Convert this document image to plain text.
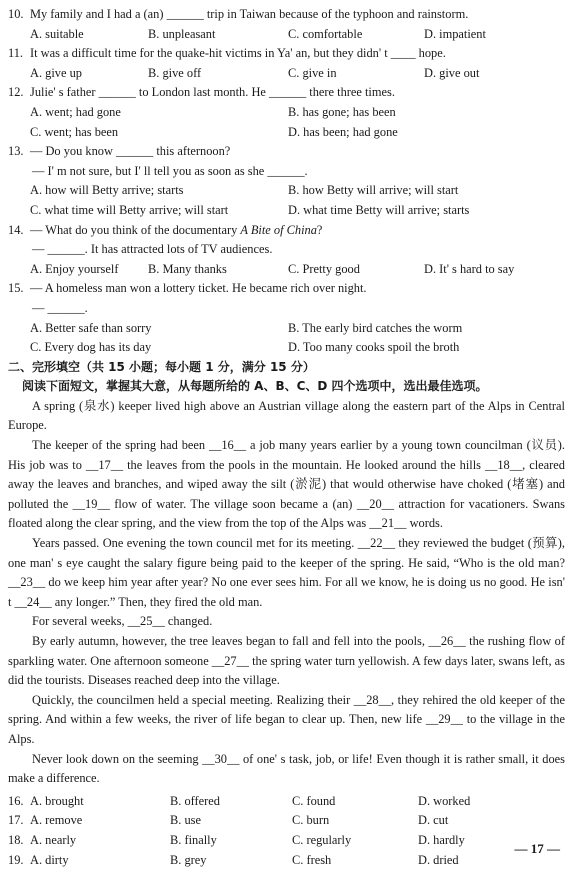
10. My family and I had a (an) ______ trip in Taiwan because of the typhoon and rainstorm.
A. suitable	B. unpleasant	C. comfortable	D. impatient
11. It was a difficult time for the quake-hit victims in Ya' an, but they didn' t ____ hope.
A. give up	B. give off	C. give in	D. give out
12. Julie' s father ______ to London last month. He ______ there three times.
A. went; had gone	B. has gone; has been
C. went; has been	D. has been; had gone
13. — Do you know ______ this afternoon?
— I' m not sure, but I' ll tell you as soon as she ______.
A. how will Betty arrive; starts	B. how Betty will arrive; will start
C. what time will Betty arrive; will start	D. what time Betty will arrive; starts
14. — What do you think of the documentary A Bite of China?
— ______. It has attracted lots of TV audiences.
A. Enjoy yourself	B. Many thanks	C. Pretty good	D. It' s hard to say
15. — A homeless man won a lottery ticket. He became rich over night.
— ______.
A. Better safe than sorry	B. The early bird catches the worm
C. Every dog has its day	D. Too many cooks spoil the broth
二、完形填空（共 15 小题；每小题 1 分，满分 15 分）
阅读下面短文，掌握其大意，从每题所给的 A、B、C、D 四个选项中，选出最佳选项。

A spring (泉水) keeper lived high above an Austrian village along the eastern part of the Alps in Central Europe.

The keeper of the spring had been __16__ a job many years earlier by a young town councilman (议员). His job was to __17__ the leaves from the pools in the mountain. He looked around the hills __18__, cleared away the leaves and branches, and wiped away the silt (淤泥) that would otherwise have choked (堵塞) and polluted the __19__ flow of water. The village soon became a (an) __20__ attraction for vacationers. Swans floated along the clear spring, and the view from the top of the Alps was __21__ words.

Years passed. One evening the town council met for its meeting. __22__ they reviewed the budget (预算), one man' s eye caught the salary figure being paid to the keeper of the spring. He said, “Who is the old man? __23__ do we keep him year after year? No one ever sees him. For all we know, he is doing us no good. He isn' t __24__ any longer.” Then, they fired the old man.

For several weeks, __25__ changed.

By early autumn, however, the tree leaves began to fall and fell into the pools, __26__ the rushing flow of sparkling water. One afternoon someone __27__ the spring water turn yellowish. A few days later, swans left, as did the tourists. Diseases reached deep into the village.

Quickly, the councilmen held a special meeting. Realizing their __28__, they rehired the old keeper of the spring. And within a few weeks, the river of life began to clear up. Then, new life __29__ to the village in the Alps.

Never look down on the seeming __30__ of one' s task, job, or life! Even though it is rather small, it does make a difference.

16. A. brought	B. offered	C. found	D. worked
17. A. remove	B. use	C. burn	D. cut
18. A. nearly	B. finally	C. regularly	D. hardly
19. A. dirty	B. grey	C. fresh	D. dried
— 17 —
